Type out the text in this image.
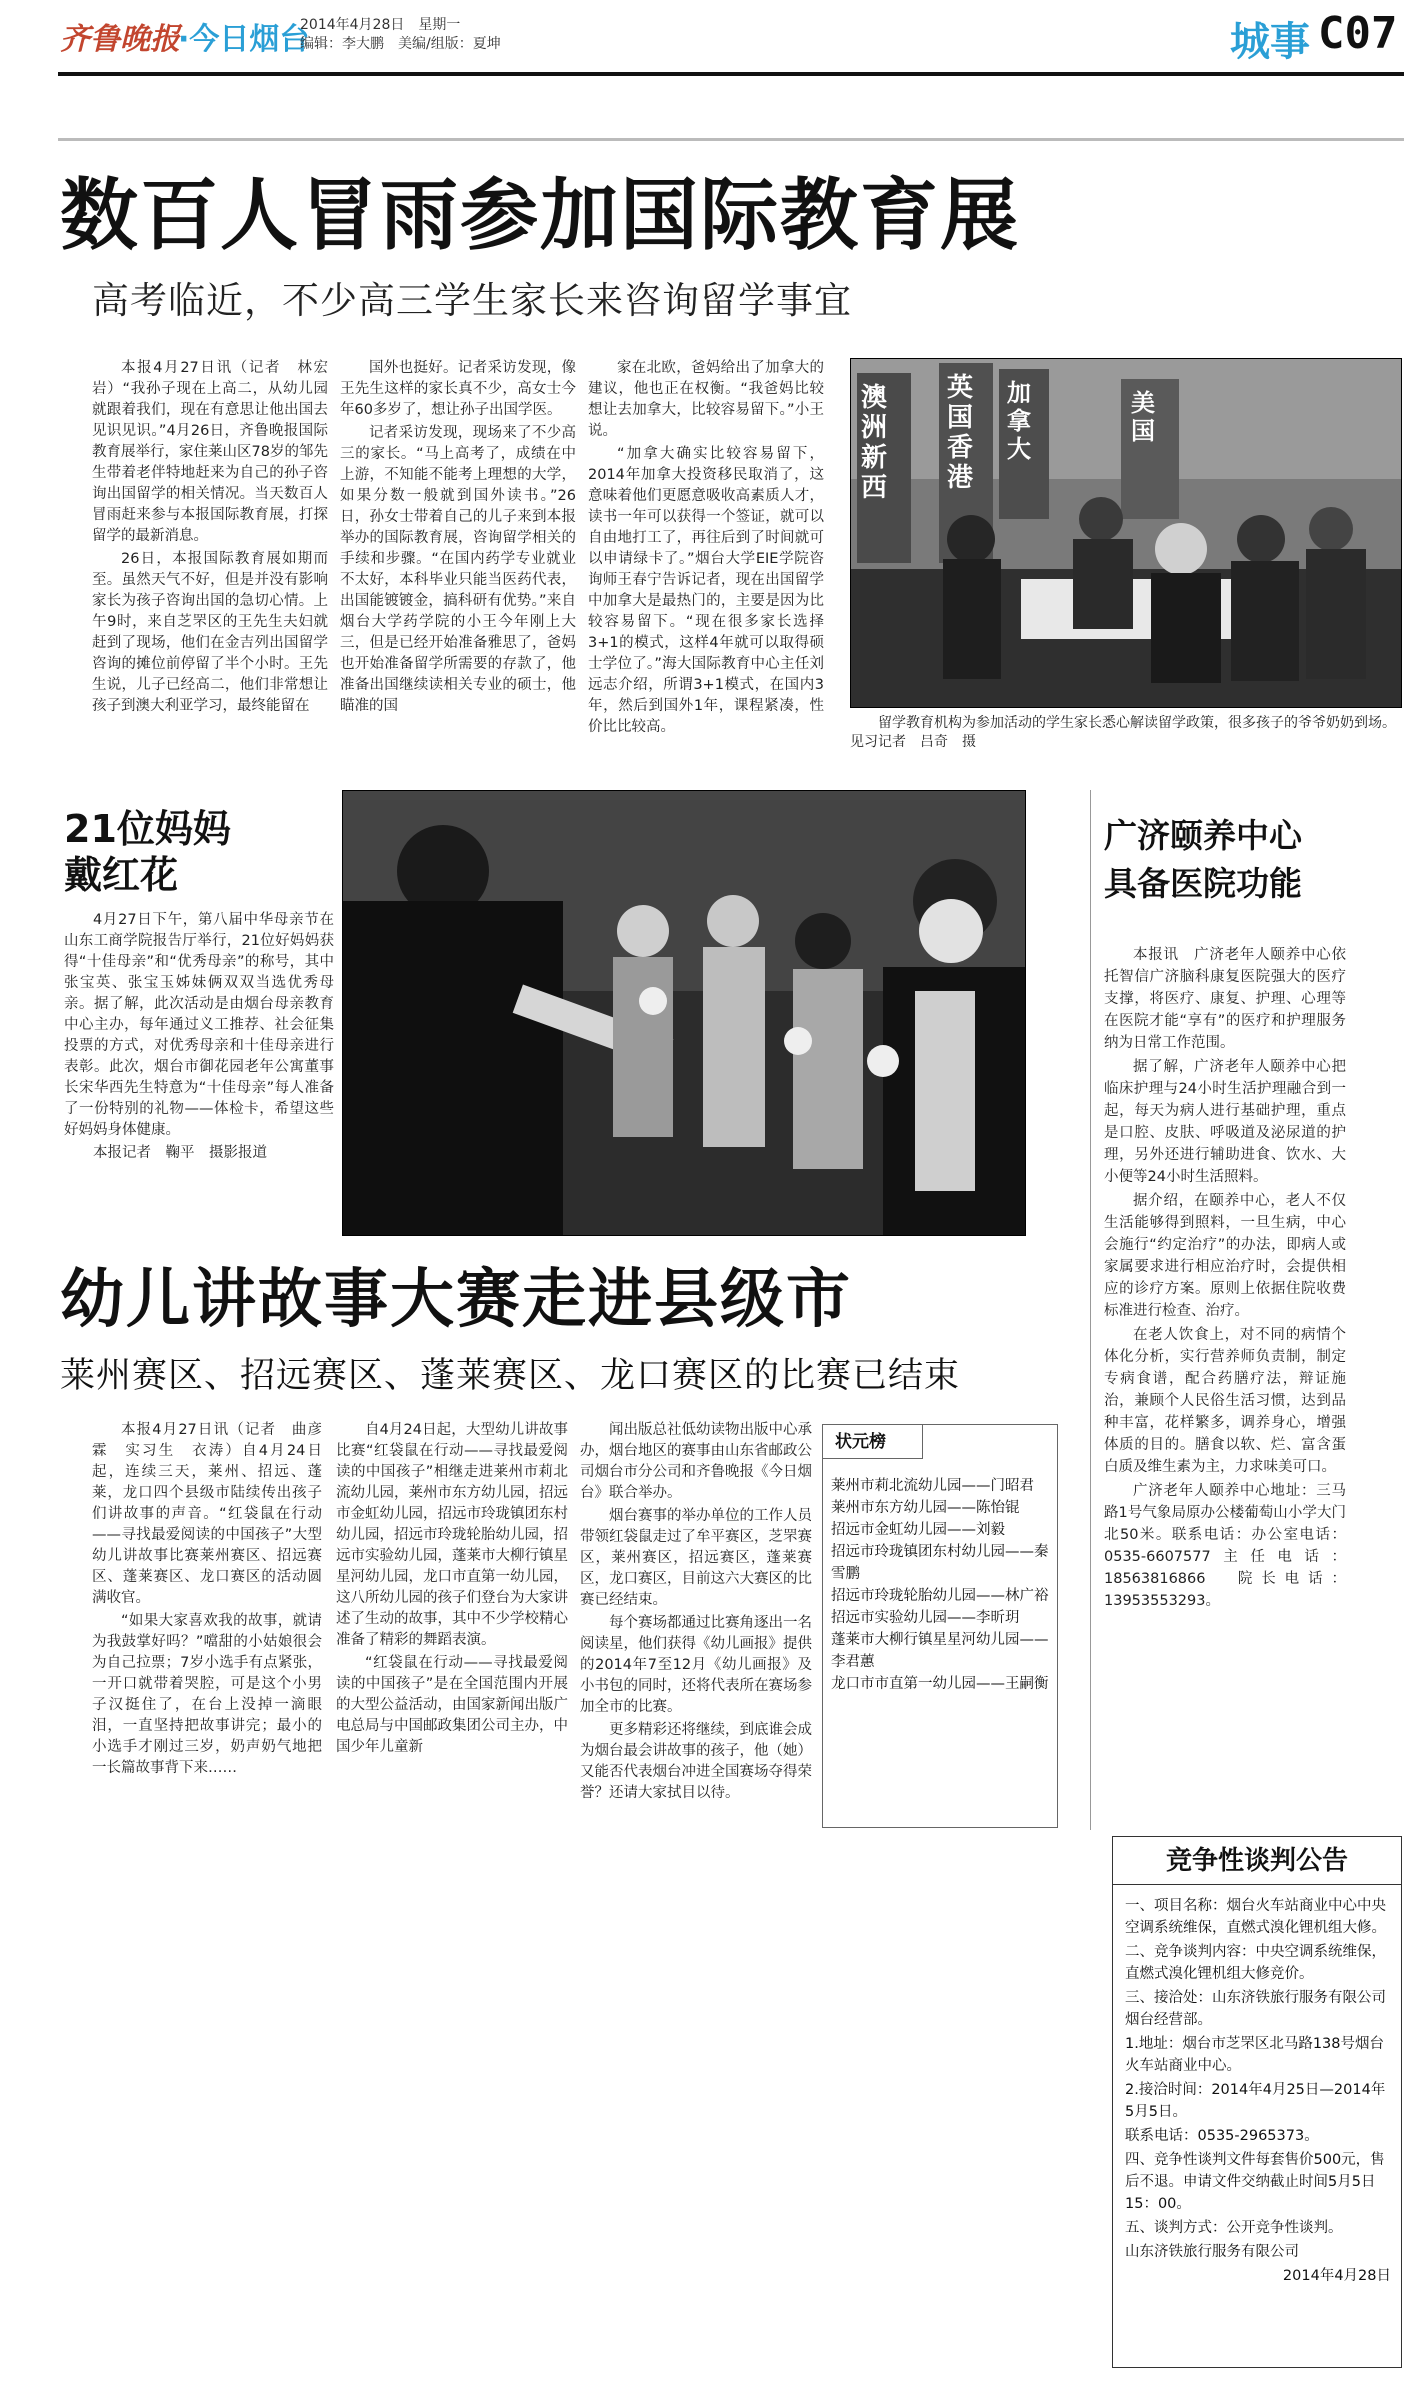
齐鲁晚报
·今日烟台
2014年4月28日　星期一
编辑：李大鹏　美编/组版：夏坤	城事 C07
数百人冒雨参加国际教育展
高考临近，不少高三学生家长来咨询留学事宜

本报4月27日讯（记者　林宏岩）“我孙子现在上高二，从幼儿园就跟着我们，现在有意思让他出国去见识见识。”4月26日，齐鲁晚报国际教育展举行，家住莱山区78岁的邹先生带着老伴特地赶来为自己的孙子咨询出国留学的相关情况。当天数百人冒雨赶来参与本报国际教育展，打探留学的最新消息。

26日，本报国际教育展如期而至。虽然天气不好，但是并没有影响家长为孩子咨询出国的急切心情。上午9时，来自芝罘区的王先生夫妇就赶到了现场，他们在金吉列出国留学咨询的摊位前停留了半个小时。王先生说，儿子已经高二，他们非常想让孩子到澳大利亚学习，最终能留在

国外也挺好。记者采访发现，像王先生这样的家长真不少，高女士今年60多岁了，想让孙子出国学医。

记者采访发现，现场来了不少高三的家长。“马上高考了，成绩在中上游，不知能不能考上理想的大学，如果分数一般就到国外读书。”26日，孙女士带着自己的儿子来到本报举办的国际教育展，咨询留学相关的手续和步骤。“在国内药学专业就业不太好，本科毕业只能当医药代表，出国能镀镀金，搞科研有优势。”来自烟台大学药学院的小王今年刚上大三，但是已经开始准备雅思了，爸妈也开始准备留学所需要的存款了，他准备出国继续读相关专业的硕士，他瞄准的国

家在北欧，爸妈给出了加拿大的建议，他也正在权衡。“我爸妈比较想让去加拿大，比较容易留下。”小王说。

“加拿大确实比较容易留下，2014年加拿大投资移民取消了，这意味着他们更愿意吸收高素质人才，读书一年可以获得一个签证，就可以自由地打工了，再往后到了时间就可以申请绿卡了。”烟台大学EIE学院咨询师王春宁告诉记者，现在出国留学中加拿大是最热门的，主要是因为比较容易留下。“现在很多家长选择3+1的模式，这样4年就可以取得硕士学位了。”海大国际教育中心主任刘远志介绍，所谓3+1模式，在国内3年，然后到国外1年，课程紧凑，性价比比较高。

澳洲新西
英国香港
加拿大
美国
留学教育机构为参加活动的学生家长悉心解读留学政策，很多孩子的爷爷奶奶到场。　见习记者　吕奇　摄
21位妈妈
戴红花

4月27日下午，第八届中华母亲节在山东工商学院报告厅举行，21位好妈妈获得“十佳母亲”和“优秀母亲”的称号，其中张宝英、张宝玉姊妹俩双双当选优秀母亲。据了解，此次活动是由烟台母亲教育中心主办，每年通过义工推荐、社会征集投票的方式，对优秀母亲和十佳母亲进行表彰。此次，烟台市御花园老年公寓董事长宋华西先生特意为“十佳母亲”每人准备了一份特别的礼物——体检卡，希望这些好妈妈身体健康。

本报记者　鞠平　摄影报道

广济颐养中心
具备医院功能

本报讯　广济老年人颐养中心依托智信广济脑科康复医院强大的医疗支撑，将医疗、康复、护理、心理等在医院才能“享有”的医疗和护理服务纳为日常工作范围。

据了解，广济老年人颐养中心把临床护理与24小时生活护理融合到一起，每天为病人进行基础护理，重点是口腔、皮肤、呼吸道及泌尿道的护理，另外还进行辅助进食、饮水、大小便等24小时生活照料。

据介绍，在颐养中心，老人不仅生活能够得到照料，一旦生病，中心会施行“约定治疗”的办法，即病人或家属要求进行相应治疗时，会提供相应的诊疗方案。原则上依据住院收费标准进行检查、治疗。

在老人饮食上，对不同的病情个体化分析，实行营养师负责制，制定专病食谱，配合药膳疗法，辩证施治，兼顾个人民俗生活习惯，达到品种丰富，花样繁多，调养身心，增强体质的目的。膳食以软、烂、富含蛋白质及维生素为主，力求味美可口。

广济老年人颐养中心地址：三马路1号气象局原办公楼葡萄山小学大门北50米。联系电话：办公室电话：0535-6607577主任电话：18563816866　院长电话：13953553293。

幼儿讲故事大赛走进县级市
莱州赛区、招远赛区、蓬莱赛区、龙口赛区的比赛已结束

本报4月27日讯（记者　曲彦霖　实习生　衣涛）自4月24日起，连续三天，莱州、招远、蓬莱，龙口四个县级市陆续传出孩子们讲故事的声音。“红袋鼠在行动——寻找最爱阅读的中国孩子”大型幼儿讲故事比赛莱州赛区、招远赛区、蓬莱赛区、龙口赛区的活动圆满收官。

“如果大家喜欢我的故事，就请为我鼓掌好吗？”噹甜的小姑娘很会为自己拉票；7岁小选手有点紧张，一开口就带着哭腔，可是这个小男子汉挺住了，在台上没掉一滴眼泪，一直坚持把故事讲完；最小的小选手才刚过三岁，奶声奶气地把一长篇故事背下来……

自4月24日起，大型幼儿讲故事比赛“红袋鼠在行动——寻找最爱阅读的中国孩子”相继走进莱州市莉北流幼儿园，莱州市东方幼儿园，招远市金虹幼儿园，招远市玲珑镇团东村幼儿园，招远市玲珑轮胎幼儿园，招远市实验幼儿园，蓬莱市大柳行镇星星河幼儿园，龙口市直第一幼儿园，这八所幼儿园的孩子们登台为大家讲述了生动的故事，其中不少学校精心准备了精彩的舞蹈表演。

“红袋鼠在行动——寻找最爱阅读的中国孩子”是在全国范围内开展的大型公益活动，由国家新闻出版广电总局与中国邮政集团公司主办，中国少年儿童新

闻出版总社低幼读物出版中心承办，烟台地区的赛事由山东省邮政公司烟台市分公司和齐鲁晚报《今日烟台》联合举办。

烟台赛事的举办单位的工作人员带领红袋鼠走过了牟平赛区，芝罘赛区，莱州赛区，招远赛区，蓬莱赛区，龙口赛区，目前这六大赛区的比赛已经结束。

每个赛场都通过比赛角逐出一名阅读星，他们获得《幼儿画报》提供的2014年7至12月《幼儿画报》及小书包的同时，还将代表所在赛场参加全市的比赛。

更多精彩还将继续，到底谁会成为烟台最会讲故事的孩子，他（她）又能否代表烟台冲进全国赛场夺得荣誉？还请大家拭目以待。

状元榜
莱州市莉北流幼儿园——门昭君
莱州市东方幼儿园——陈怡锟
招远市金虹幼儿园——刘毅
招远市玲珑镇团东村幼儿园——秦雪鹏
招远市玲珑轮胎幼儿园——林广裕
招远市实验幼儿园——李昕玥
蓬莱市大柳行镇星星河幼儿园——李君蕙
龙口市市直第一幼儿园——王嗣衡
竞争性谈判公告
一、项目名称：烟台火车站商业中心中央空调系统维保，直燃式溴化锂机组大修。
二、竞争谈判内容：中央空调系统维保，直燃式溴化锂机组大修竞价。
三、接洽处：山东济铁旅行服务有限公司烟台经营部。
1.地址：烟台市芝罘区北马路138号烟台火车站商业中心。
2.接洽时间：2014年4月25日—2014年5月5日。
联系电话：0535-2965373。
四、竞争性谈判文件每套售价500元，售后不退。申请文件交纳截止时间5月5日15：00。
五、谈判方式：公开竞争性谈判。
山东济铁旅行服务有限公司
2014年4月28日
